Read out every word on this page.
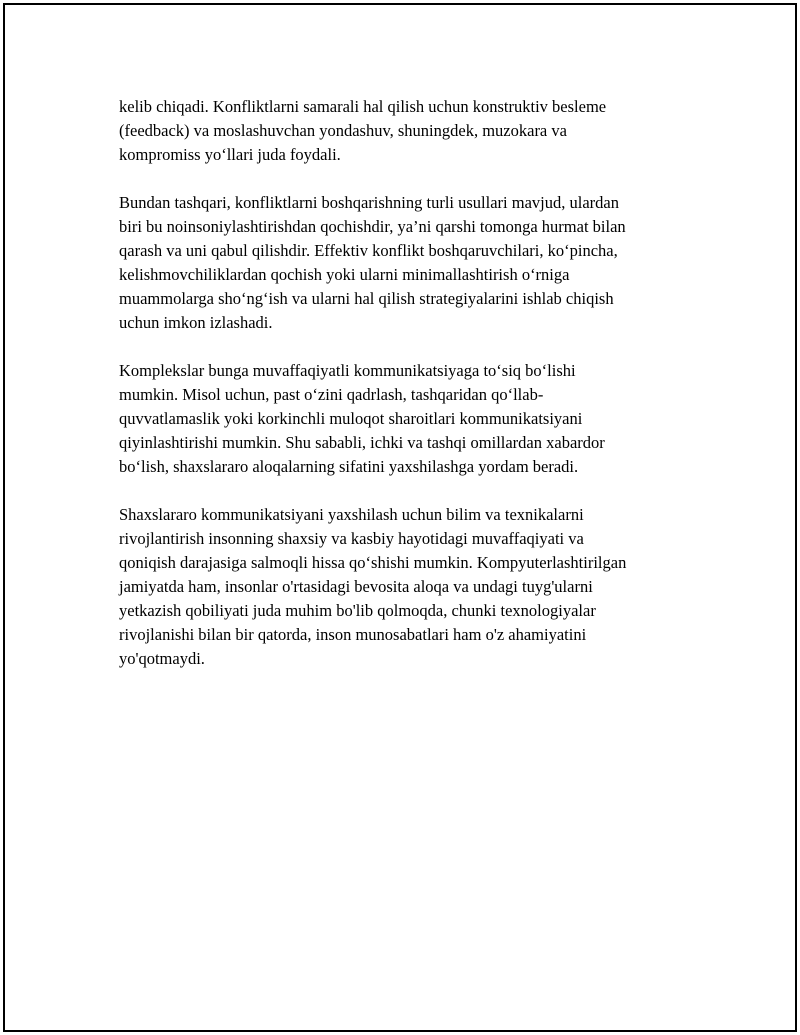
kelib chiqadi. Konfliktlarni samarali hal qilish uchun konstruktiv besleme
(feedback) va moslashuvchan yondashuv, shuningdek, muzokara va
kompromiss yo‘llari juda foydali.

Bundan tashqari, konfliktlarni boshqarishning turli usullari mavjud, ulardan
biri bu noinsoniylashtirishdan qochishdir, ya’ni qarshi tomonga hurmat bilan
qarash va uni qabul qilishdir. Effektiv konflikt boshqaruvchilari, ko‘pincha,
kelishmovchiliklardan qochish yoki ularni minimallashtirish o‘rniga
muammolarga sho‘ng‘ish va ularni hal qilish strategiyalarini ishlab chiqish
uchun imkon izlashadi.

Komplekslar bunga muvaffaqiyatli kommunikatsiyaga to‘siq bo‘lishi
mumkin. Misol uchun, past o‘zini qadrlash, tashqaridan qo‘llab-
quvvatlamaslik yoki korkinchli muloqot sharoitlari kommunikatsiyani
qiyinlashtirishi mumkin. Shu sababli, ichki va tashqi omillardan xabardor
bo‘lish, shaxslararo aloqalarning sifatini yaxshilashga yordam beradi.

Shaxslararo kommunikatsiyani yaxshilash uchun bilim va texnikalarni
rivojlantirish insonning shaxsiy va kasbiy hayotidagi muvaffaqiyati va
qoniqish darajasiga salmoqli hissa qo‘shishi mumkin. Kompyuterlashtirilgan
jamiyatda ham, insonlar o'rtasidagi bevosita aloqa va undagi tuyg'ularni
yetkazish qobiliyati juda muhim bo'lib qolmoqda, chunki texnologiyalar
rivojlanishi bilan bir qatorda, inson munosabatlari ham o'z ahamiyatini
yo'qotmaydi.
